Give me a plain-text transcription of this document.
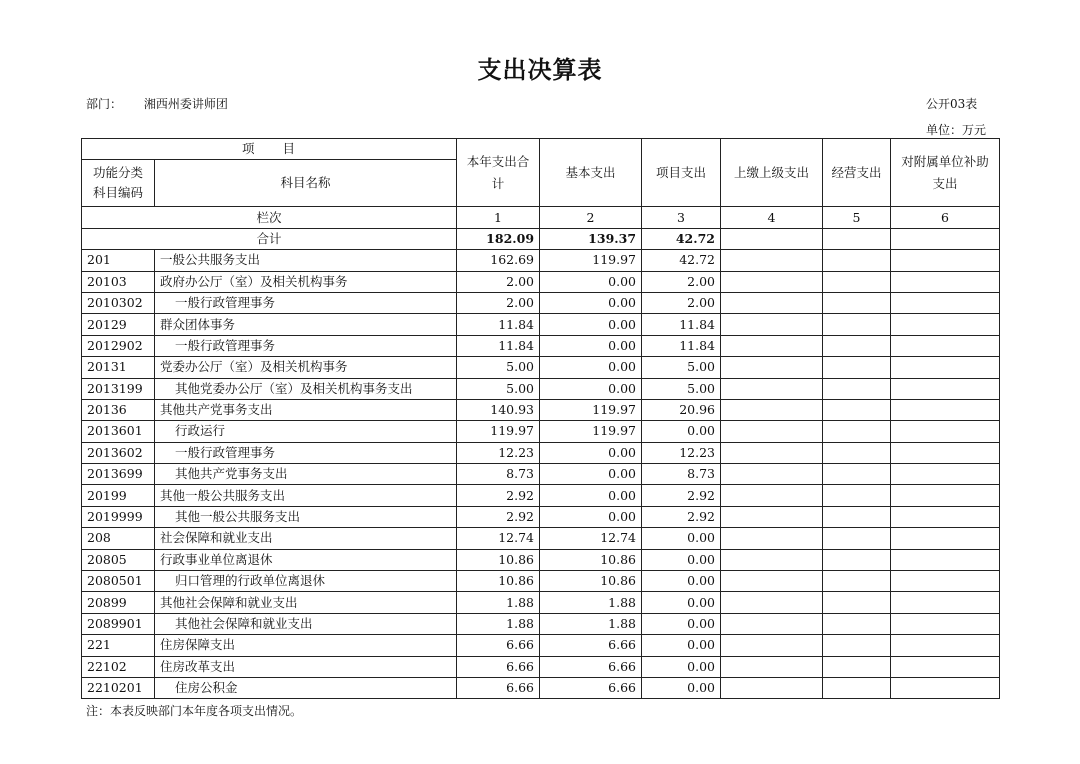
支出决算表
部门： 湘西州委讲师团	公开03表
单位：万元
项　　目		本年支出合
计	基本支出	项目支出	上缴上级支出	经营支出	对附属单位补助
支出
功能分类
科目编码	科目名称						
栏次		1	2	3	4	5	6
合计		182.09	139.37	42.72			
201	一般公共服务支出	162.69	119.97	42.72			
20103	政府办公厅（室）及相关机构事务	2.00	0.00	2.00			
2010302	一般行政管理事务	2.00	0.00	2.00			
20129	群众团体事务	11.84	0.00	11.84			
2012902	一般行政管理事务	11.84	0.00	11.84			
20131	党委办公厅（室）及相关机构事务	5.00	0.00	5.00			
2013199	其他党委办公厅（室）及相关机构事务支出	5.00	0.00	5.00			
20136	其他共产党事务支出	140.93	119.97	20.96			
2013601	行政运行	119.97	119.97	0.00			
2013602	一般行政管理事务	12.23	0.00	12.23			
2013699	其他共产党事务支出	8.73	0.00	8.73			
20199	其他一般公共服务支出	2.92	0.00	2.92			
2019999	其他一般公共服务支出	2.92	0.00	2.92			
208	社会保障和就业支出	12.74	12.74	0.00			
20805	行政事业单位离退休	10.86	10.86	0.00			
2080501	归口管理的行政单位离退休	10.86	10.86	0.00			
20899	其他社会保障和就业支出	1.88	1.88	0.00			
2089901	其他社会保障和就业支出	1.88	1.88	0.00			
221	住房保障支出	6.66	6.66	0.00			
22102	住房改革支出	6.66	6.66	0.00			
2210201	住房公积金	6.66	6.66	0.00			
注：本表反映部门本年度各项支出情况。
